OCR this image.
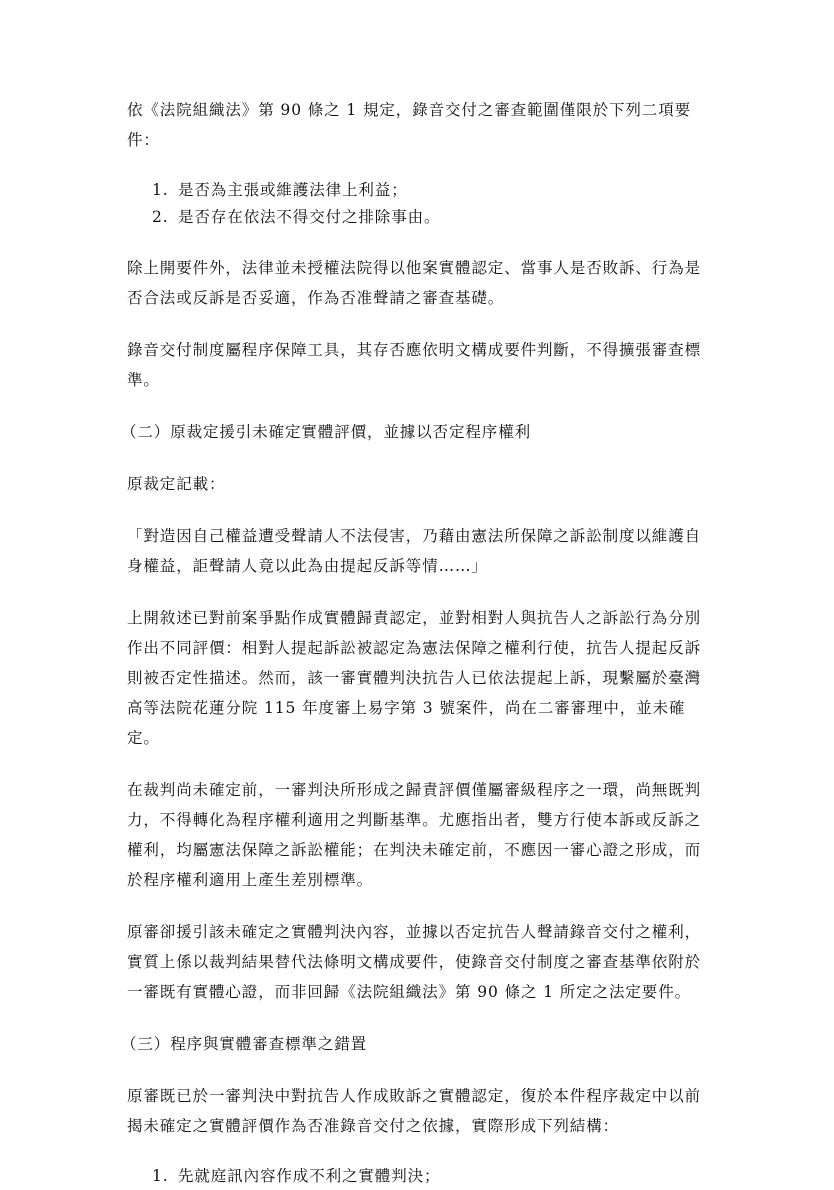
依《法院組織法》第 90 條之 1 規定，錄音交付之審查範圍僅限於下列二項要件：

1. 是否為主張或維護法律上利益；
2. 是否存在依法不得交付之排除事由。

除上開要件外，法律並未授權法院得以他案實體認定、當事人是否敗訴、行為是否合法或反訴是否妥適，作為否准聲請之審查基礎。

錄音交付制度屬程序保障工具，其存否應依明文構成要件判斷，不得擴張審查標準。

（二）原裁定援引未確定實體評價，並據以否定程序權利

原裁定記載：

「對造因自己權益遭受聲請人不法侵害，乃藉由憲法所保障之訴訟制度以維護自身權益，詎聲請人竟以此為由提起反訴等情……」

上開敘述已對前案爭點作成實體歸責認定，並對相對人與抗告人之訴訟行為分別作出不同評價：相對人提起訴訟被認定為憲法保障之權利行使，抗告人提起反訴則被否定性描述。然而，該一審實體判決抗告人已依法提起上訴，現繫屬於臺灣高等法院花蓮分院 115 年度審上易字第 3 號案件，尚在二審審理中，並未確定。

在裁判尚未確定前，一審判決所形成之歸責評價僅屬審級程序之一環，尚無既判力，不得轉化為程序權利適用之判斷基準。尤應指出者，雙方行使本訴或反訴之權利，均屬憲法保障之訴訟權能；在判決未確定前，不應因一審心證之形成，而於程序權利適用上產生差別標準。

原審卻援引該未確定之實體判決內容，並據以否定抗告人聲請錄音交付之權利，實質上係以裁判結果替代法條明文構成要件，使錄音交付制度之審查基準依附於一審既有實體心證，而非回歸《法院組織法》第 90 條之 1 所定之法定要件。

（三）程序與實體審查標準之錯置

原審既已於一審判決中對抗告人作成敗訴之實體認定，復於本件程序裁定中以前揭未確定之實體評價作為否准錄音交付之依據，實際形成下列結構：

1. 先就庭訊內容作成不利之實體判決；
